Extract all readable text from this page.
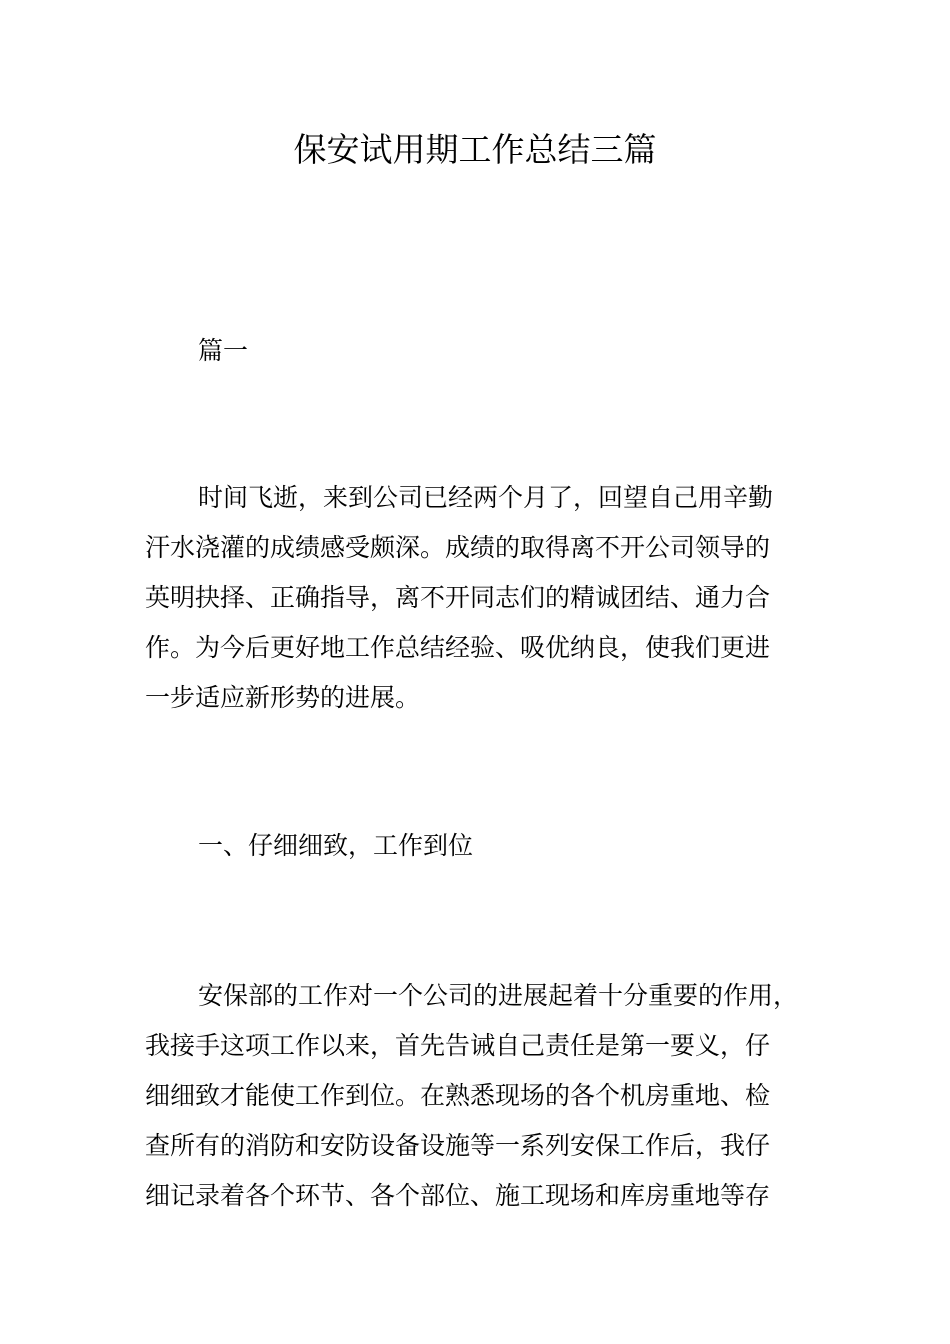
保安试用期工作总结三篇
篇一
时间飞逝，来到公司已经两个月了，回望自己用辛勤
汗水浇灌的成绩感受颇深。成绩的取得离不开公司领导的
英明抉择、正确指导，离不开同志们的精诚团结、通力合
作。为今后更好地工作总结经验、吸优纳良，使我们更进
一步适应新形势的进展。
一、仔细细致，工作到位
安保部的工作对一个公司的进展起着十分重要的作用，
我接手这项工作以来，首先告诫自己责任是第一要义，仔
细细致才能使工作到位。在熟悉现场的各个机房重地、检
查所有的消防和安防设备设施等一系列安保工作后，我仔
细记录着各个环节、各个部位、施工现场和库房重地等存
